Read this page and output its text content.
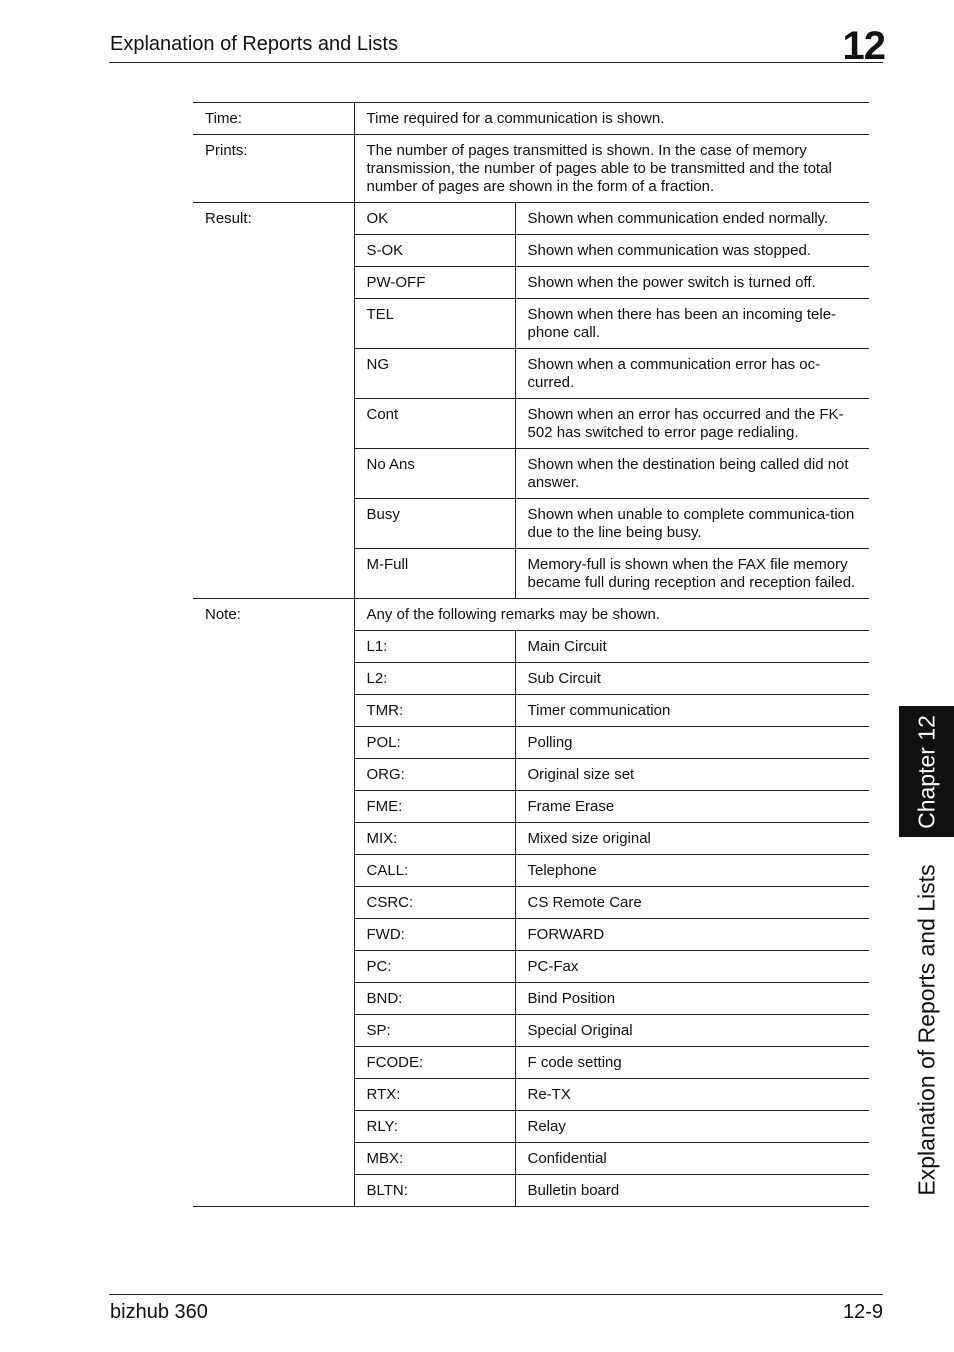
Explanation of Reports and Lists	12
Chapter 12
Explanation of Reports and Lists
Time:	Time required for a communication is shown.	
Prints:	The number of pages transmitted is shown. In the case of memory transmission, the number of pages able to be transmitted and the total number of pages are shown in the form of a fraction.	
Result:	OK	Shown when communication ended normally.
	S-OK	Shown when communication was stopped.
	PW-OFF	Shown when the power switch is turned off.
	TEL	Shown when there has been an incoming tele-phone call.
	NG	Shown when a communication error has oc-curred.
	Cont	Shown when an error has occurred and the FK-502 has switched to error page redialing.
	No Ans	Shown when the destination being called did not answer.
	Busy	Shown when unable to complete communica-tion due to the line being busy.
	M-Full	Memory-full is shown when the FAX file memory became full during reception and reception failed.
Note:	Any of the following remarks may be shown.	
	L1:	Main Circuit
	L2:	Sub Circuit
	TMR:	Timer communication
	POL:	Polling
	ORG:	Original size set
	FME:	Frame Erase
	MIX:	Mixed size original
	CALL:	Telephone
	CSRC:	CS Remote Care
	FWD:	FORWARD
	PC:	PC-Fax
	BND:	Bind Position
	SP:	Special Original
	FCODE:	F code setting
	RTX:	Re-TX
	RLY:	Relay
	MBX:	Confidential
	BLTN:	Bulletin board
bizhub 360	12-9
